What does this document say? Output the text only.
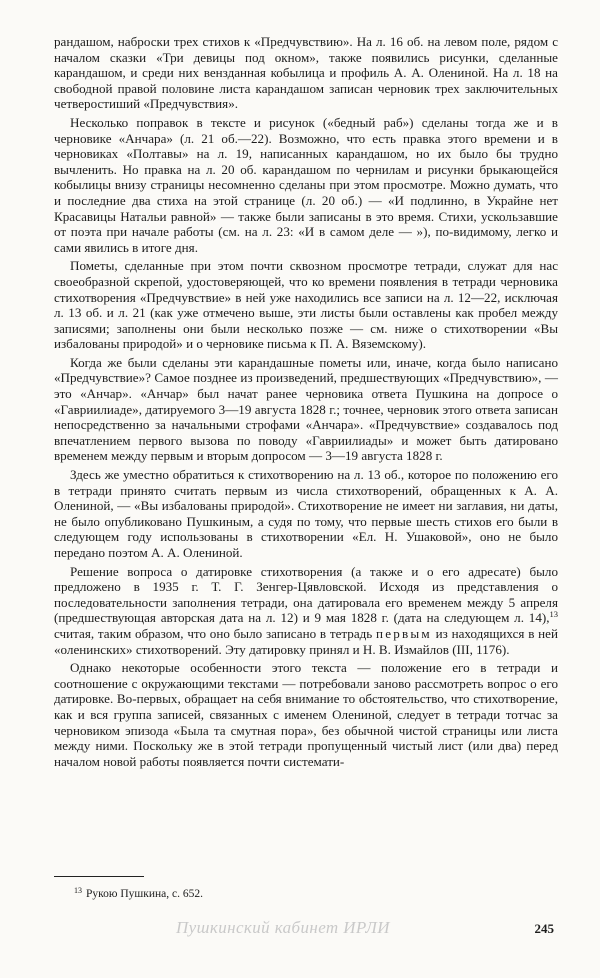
рандашом, наброски трех стихов к «Предчувствию». На л. 16 об. на левом поле, рядом с началом сказки «Три девицы под окном», также появились рисунки, сделанные карандашом, и среди них вензданная кобылица и профиль А. А. Олениной. На л. 18 на свободной правой половине листа карандашом записан черновик трех заключительных четверостиший «Предчувствия».

Несколько поправок в тексте и рисунок («бедный раб») сделаны тогда же и в черновике «Анчара» (л. 21 об.—22). Возможно, что есть правка этого времени и в черновиках «Полтавы» на л. 19, написанных карандашом, но их было бы трудно вычленить. Но правка на л. 20 об. карандашом по чернилам и рисунки брыкающейся кобылицы внизу страницы несомненно сделаны при этом просмотре. Можно думать, что и последние два стиха на этой странице (л. 20 об.) — «И подлинно, в Украйне нет Красавицы Натальи равной» — также были записаны в это время. Стихи, ускользавшие от поэта при начале работы (см. на л. 23: «И в самом деле — »), по-видимому, легко и сами явились в итоге дня.

Пометы, сделанные при этом почти сквозном просмотре тетради, служат для нас своеобразной скрепой, удостоверяющей, что ко времени появления в тетради черновика стихотворения «Предчувствие» в ней уже находились все записи на л. 12—22, исключая л. 13 об. и л. 21 (как уже отмечено выше, эти листы были оставлены как пробел между записями; заполнены они были несколько позже — см. ниже о стихотворении «Вы избалованы природой» и о черновике письма к П. А. Вяземскому).

Когда же были сделаны эти карандашные пометы или, иначе, когда было написано «Предчувствие»? Самое позднее из произведений, предшествующих «Предчувствию», — это «Анчар». «Анчар» был начат ранее черновика ответа Пушкина на допросе о «Гавриилиаде», датируемого 3—19 августа 1828 г.; точнее, черновик этого ответа записан непосредственно за начальными строфами «Анчара». «Предчувствие» создавалось под впечатлением первого вызова по поводу «Гавриилиады» и может быть датировано временем между первым и вторым допросом — 3—19 августа 1828 г.

Здесь же уместно обратиться к стихотворению на л. 13 об., которое по положению его в тетради принято считать первым из числа стихотворений, обращенных к А. А. Олениной, — «Вы избалованы природой». Стихотворение не имеет ни заглавия, ни даты, не было опубликовано Пушкиным, а судя по тому, что первые шесть стихов его были в следующем году использованы в стихотворении «Ел. Н. Ушаковой», оно не было передано поэтом А. А. Олениной.

Решение вопроса о датировке стихотворения (а также и о его адресате) было предложено в 1935 г. Т. Г. Зенгер-Цявловской. Исходя из представления о последовательности заполнения тетради, она датировала его временем между 5 апреля (предшествующая авторская дата на л. 12) и 9 мая 1828 г. (дата на следующем л. 14),$^{13}$ считая, таким образом, что оно было записано в тетрадь первым из находящихся в ней «оленинских» стихотворений. Эту датировку принял и Н. В. Измайлов (III, 1176).

Однако некоторые особенности этого текста — положение его в тетради и соотношение с окружающими текстами — потребовали заново рассмотреть вопрос о его датировке. Во-первых, обращает на себя внимание то обстоятельство, что стихотворение, как и вся группа записей, связанных с именем Олениной, следует в тетради тотчас за черновиком эпизода «Была та смутная пора», без обычной чистой страницы или листа между ними. Поскольку же в этой тетради пропущенный чистый лист (или два) перед началом новой работы появляется почти системати-

$^{13}$ Рукою Пушкина, с. 652.
Пушкинский кабинет ИРЛИ	245
